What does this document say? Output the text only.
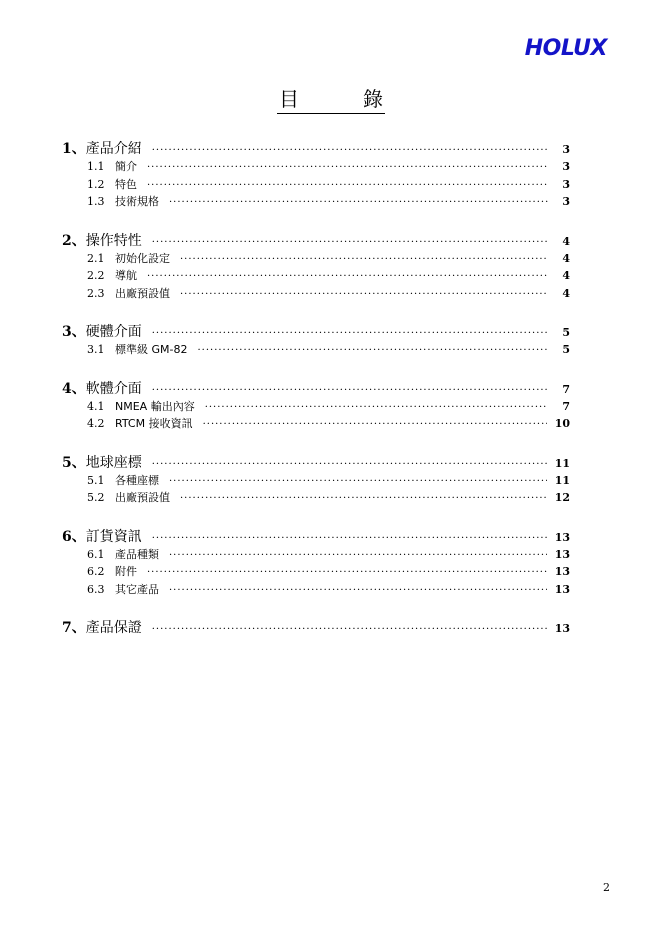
HOLUX
目	錄
1、 產品介紹 ·····	3
1.1 簡介 ·····	3
1.2 特色 ·····	3
1.3 技術規格 ·····	3
2、 操作特性 ·····	4
2.1 初始化設定 ·····	4
2.2 導航 ·····	4
2.3 出廠預設值 ·····	4
3、 硬體介面 ·····	5
3.1 標準級 GM-82 ·····	5
4、 軟體介面 ·····	7
4.1 NMEA 輸出內容 ·····	7
4.2 RTCM 接收資訊 ·····	10
5、 地球座標 ·····	11
5.1 各種座標 ·····	11
5.2 出廠預設值 ·····	12
6、 訂貨資訊 ·····	13
6.1 產品種類 ·····	13
6.2 附件 ·····	13
6.3 其它產品 ·····	13
7、 產品保證 ·····	13
2
